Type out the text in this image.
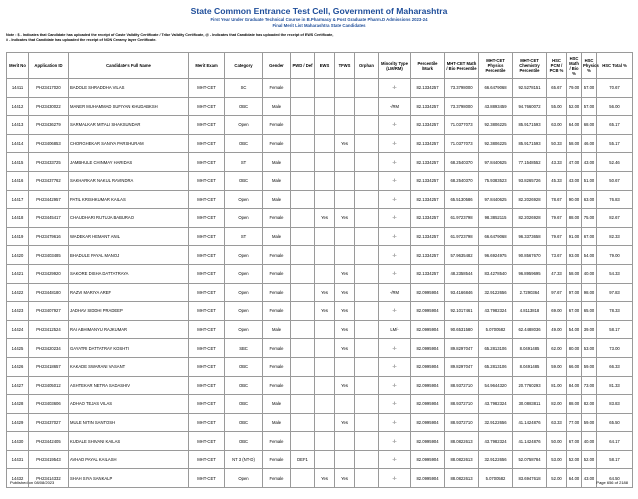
State Common Entrance Test Cell, Government of Maharashtra
First Year Under Graduate Technical Course in B.Pharmacy & Post Graduate Pharm.D Admissions 2023-24
Final Merit List Maharashtra State Candidates
Note : $ - Indicates that Candidate has uploaded the receipt of Caste Validity Certificate / Tribe Validity Certificate, @ - Indicates that Candidate has uploaded the receipt of EWS Certificate,
# - Indicates that Candidate has uploaded the receipt of NON Creamy layer Certificate.
Merit No	Application ID	Candidate's Full Name	Merit Exam	Category	Gender	PWD / Def	EWS	TFWS	Orphan	Minority Type (LM/RM)	Percentile /Mark	MHT-CET Math / Bio Percentile	MHT-CET Physics Percentile	MHT-CET Chemistry Percentile	HSC PCM / PCB %	HSC Math / Bio %	HSC Physics %	HSC Total %
14411	PH23417020	BADOLE SHRADDHA VILAS	MHT-CET	SC	Female					-/-	82.1334257	73.3798000	66.6479068	92.5278151	65.67	79.00	57.00	70.67
14412	PH23430022	MANER MUHAMMAD SUFIYAN KHUDABKSH	MHT-CET	OBC	Male					-/RM	82.1334257	73.3798000	43.8893459	94.7660072	55.00	52.00	57.00	56.00
14413	PH23436279	SARMALKAR MITALI SHAKSUNDAR	MHT-CET	Open	Female					-/-	82.1334257	71.0377073	92.3806225	85.9171593	63.00	64.00	68.00	65.17
14414	PH23406853	CHORGHEKAR SANIYA PARSHURAM	MHT-CET	OBC	Female			Yes		-/-	82.1334257	71.0377073	92.3806225	85.9171593	50.33	58.00	46.00	55.17
14415	PH23433725	JAMBHULE CHINMAY HARIDAS	MHT-CET	ST	Male					-/-	82.1334257	68.2540370	97.8440625	77.1548552	43.33	47.00	43.00	52.46
14416	PH23437762	SAKHARKAR NAKUL RAVINDRA	MHT-CET	OBC	Male					-/-	82.1334257	68.2540370	75.9383523	93.8265726	45.33	43.00	51.00	50.67
14417	PH23442957	PATIL KRISHKUMAR KAILAS	MHT-CET	Open	Male					-/-	82.1334257	65.5130586	97.8440625	82.2026928	78.67	90.00	63.00	76.83
14418	PH23445417	CHAUDHARI RUTUJA BABURAO	MHT-CET	Open	Female		Yes	Yes		-/-	82.1334257	61.9723798	98.3852115	82.2026928	79.67	88.00	75.00	82.67
14419	PH23479616	WADEKAR HEMANT ANIL	MHT-CET	ST	Male					-/-	82.1334257	61.9723798	66.6479068	96.3373658	79.67	91.00	67.00	82.33
14420	PH23403485	BHADULE PAYAL MANOJ	MHT-CET	Open	Female					-/-	82.1334257	57.9635482	96.6924975	90.8567670	73.67	93.00	54.00	79.00
14421	PH23429920	SAKORE DISHA DATTATRAYA	MHT-CET	Open	Female			Yes		-/-	82.1334257	48.2358544	83.4278540	96.8959695	47.33	58.00	40.00	54.33
14422	PH23448180	RAZVI MARIYA AREF	MHT-CET	Open	Female		Yes	Yes		-/RM	82.0995904	93.4166846	32.9122656	2.7290364	97.67	97.00	98.00	97.83
14423	PH23407927	JADHAV SIDDHI PRADEEP	MHT-CET	Open	Female		Yes	Yes		-/-	82.0995904	92.1017461	43.7982324	4.8113818	69.00	67.00	65.00	78.33
14424	PH23412524	RAI ABHIMANYU RAJKUMAR	MHT-CET	Open	Male			Yes		LM/-	82.0995904	90.6531580	5.0700582	62.4488036	49.00	54.00	39.00	58.17
14425	PH23420234	GAYATRI DATTATRAY KOSHTI	MHT-CET	SBC	Female			Yes		-/-	82.0995904	89.8297047	65.2813106	8.0491485	62.00	80.00	53.00	73.00
14426	PH23418657	KAKADE SWARANI VASANT	MHT-CET	OBC	Female					-/-	82.0995904	89.8297047	65.2813106	8.0491485	59.00	66.00	59.00	66.33
14427	PH23405012	ASHTEKAR NETRA SADASHIV	MHT-CET	OBC	Female			Yes		-/-	82.0995904	88.9372710	54.9644320	20.7760293	81.00	84.00	73.00	81.33
14428	PH23403606	ADHAO TEJAS VILAS	MHT-CET	OBC	Male					-/-	82.0995904	88.9372710	43.7982324	30.0883811	82.00	88.00	82.00	83.83
14429	PH23437027	MULE NITIN SANTOSH	MHT-CET	OBC	Male			Yes		-/-	82.0995904	88.9372710	32.9122656	41.1424876	63.33	77.00	59.00	65.50
14430	PH23442405	KUDALE SHIVANI KAILAS	MHT-CET	OBC	Female					-/-	82.0995904	88.0822613	43.7982324	41.1424876	50.00	67.00	40.00	64.17
14431	PH23419543	AVHAD PAYAL KAILASH	MHT-CET	NT 3 (NT-D)	Female	DEF1				-/-	82.0995904	88.0822613	32.9122656	52.0758784	53.00	52.00	52.00	58.17
14432	PH23414332	SHAH SIYA SANKALP	MHT-CET	Open	Female		Yes	Yes		-/-	82.0995904	88.0822613	5.0700582	83.6947618	52.00	64.00	43.00	64.50
Published on 08/08/2023	Page 656 of 2188
